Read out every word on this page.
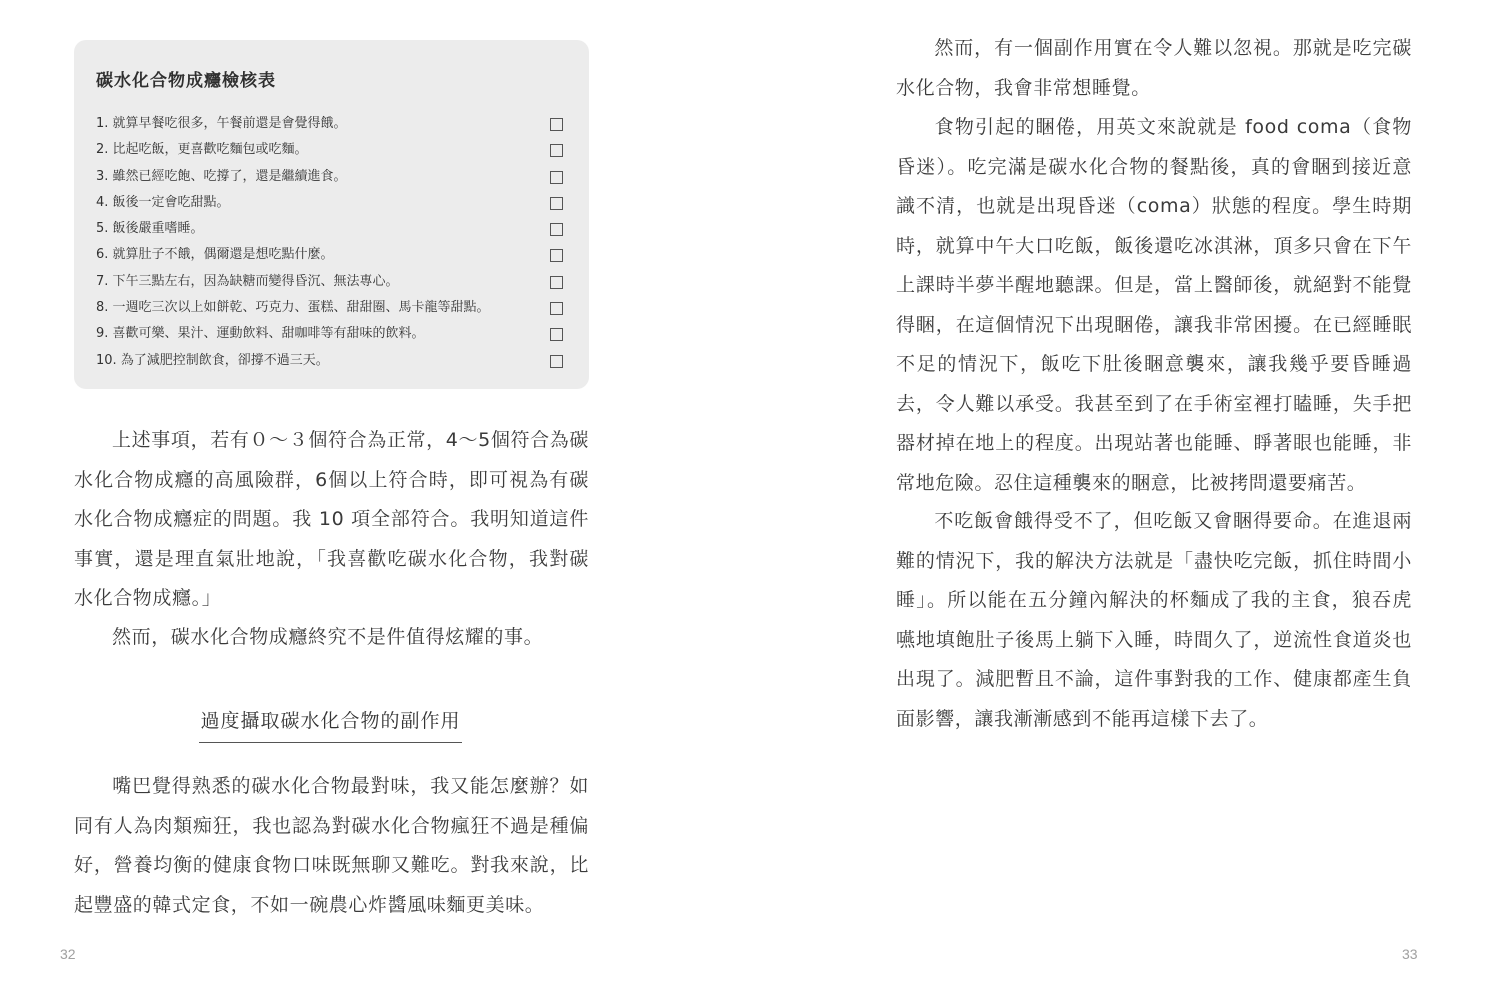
碳水化合物成癮檢核表
1. 就算早餐吃很多，午餐前還是會覺得餓。
2. 比起吃飯，更喜歡吃麵包或吃麵。
3. 雖然已經吃飽、吃撐了，還是繼續進食。
4. 飯後一定會吃甜點。
5. 飯後嚴重嗜睡。
6. 就算肚子不餓，偶爾還是想吃點什麼。
7. 下午三點左右，因為缺糖而變得昏沉、無法專心。
8. 一週吃三次以上如餅乾、巧克力、蛋糕、甜甜圈、馬卡龍等甜點。
9. 喜歡可樂、果汁、運動飲料、甜咖啡等有甜味的飲料。
10. 為了減肥控制飲食，卻撐不過三天。

上述事項，若有０～３個符合為正常，4～5個符合為碳水化合物成癮的高風險群，6個以上符合時，即可視為有碳水化合物成癮症的問題。我 10 項全部符合。我明知道這件事實，還是理直氣壯地說，「我喜歡吃碳水化合物，我對碳水化合物成癮。」

然而，碳水化合物成癮終究不是件值得炫耀的事。

過度攝取碳水化合物的副作用

嘴巴覺得熟悉的碳水化合物最對味，我又能怎麼辦？如同有人為肉類痴狂，我也認為對碳水化合物瘋狂不過是種偏好，營養均衡的健康食物口味既無聊又難吃。對我來說，比起豐盛的韓式定食，不如一碗農心炸醬風味麵更美味。

32

然而，有一個副作用實在令人難以忽視。那就是吃完碳水化合物，我會非常想睡覺。

食物引起的睏倦，用英文來說就是 food coma（食物昏迷）。吃完滿是碳水化合物的餐點後，真的會睏到接近意識不清，也就是出現昏迷（coma）狀態的程度。學生時期時，就算中午大口吃飯，飯後還吃冰淇淋，頂多只會在下午上課時半夢半醒地聽課。但是，當上醫師後，就絕對不能覺得睏，在這個情況下出現睏倦，讓我非常困擾。在已經睡眠不足的情況下，飯吃下肚後睏意襲來，讓我幾乎要昏睡過去，令人難以承受。我甚至到了在手術室裡打瞌睡，失手把器材掉在地上的程度。出現站著也能睡、睜著眼也能睡，非常地危險。忍住這種襲來的睏意，比被拷問還要痛苦。

不吃飯會餓得受不了，但吃飯又會睏得要命。在進退兩難的情況下，我的解決方法就是「盡快吃完飯，抓住時間小睡」。所以能在五分鐘內解決的杯麵成了我的主食，狼吞虎嚥地填飽肚子後馬上躺下入睡，時間久了，逆流性食道炎也出現了。減肥暫且不論，這件事對我的工作、健康都產生負面影響，讓我漸漸感到不能再這樣下去了。

33
